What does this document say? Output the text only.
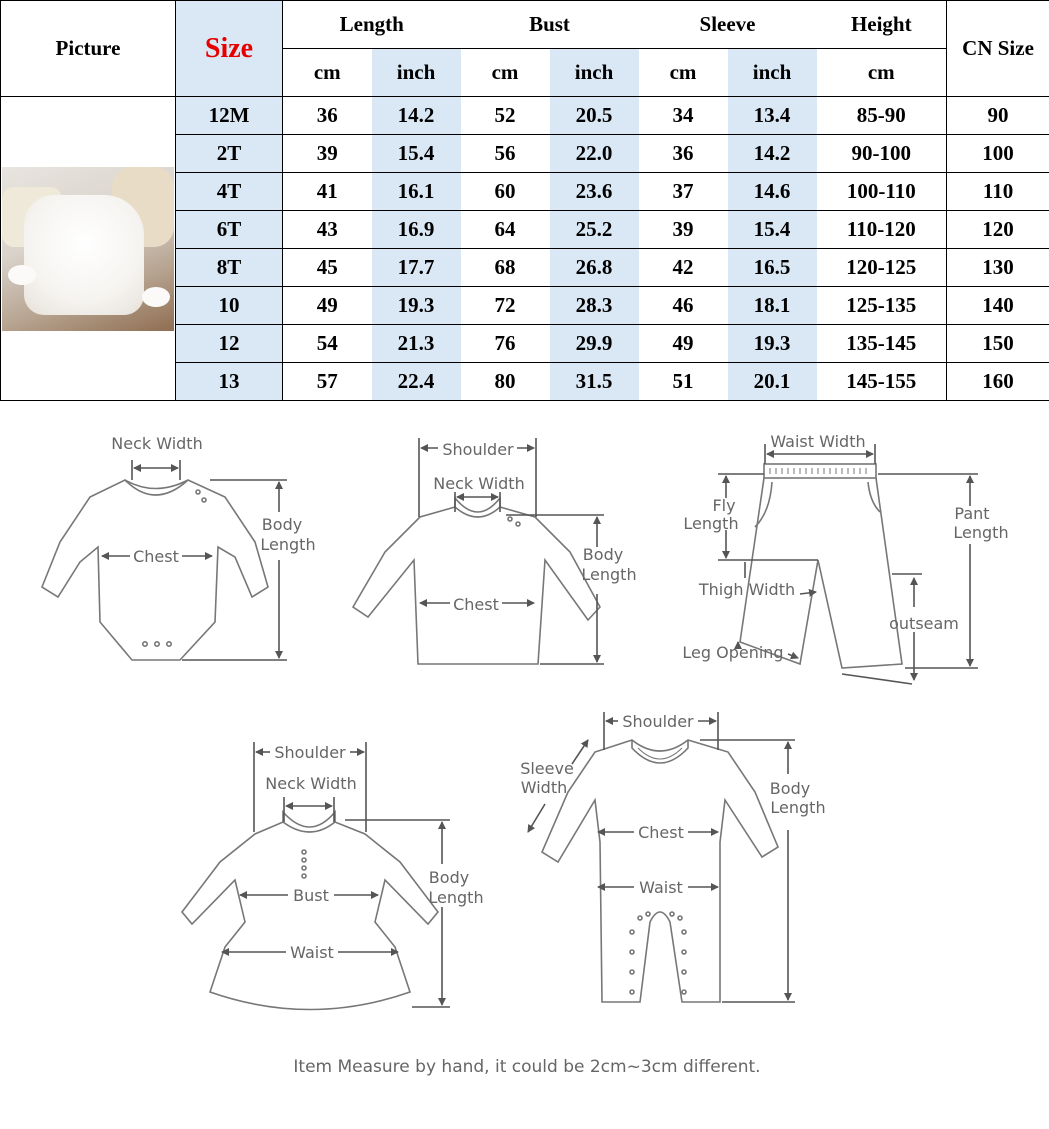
Picture	Size	Length		Bust		Sleeve		Height	CN Size
		cm	inch	cm	inch	cm	inch	cm	

	12M	36	14.2	52	20.5	34	13.4	85-90	90
	2T	39	15.4	56	22.0	36	14.2	90-100	100
	4T	41	16.1	60	23.6	37	14.6	100-110	110
	6T	43	16.9	64	25.2	39	15.4	110-120	120
	8T	45	17.7	68	26.8	42	16.5	120-125	130
	10	49	19.3	72	28.3	46	18.1	125-135	140
	12	54	21.3	76	29.9	49	19.3	135-145	150
	13	57	22.4	80	31.5	51	20.1	145-155	160
Neck Width
Chest
Body
Length
Shoulder
Neck Width
Chest
Body
Length
Waist Width
Fly
Length
Pant
Length
Thigh Width
outseam
Leg Opening
Shoulder
Neck Width
Bust
Waist
Body
Length
Shoulder
Sleeve
Width
Chest
Waist
Body
Length
Item Measure by hand, it could be 2cm~3cm different.
